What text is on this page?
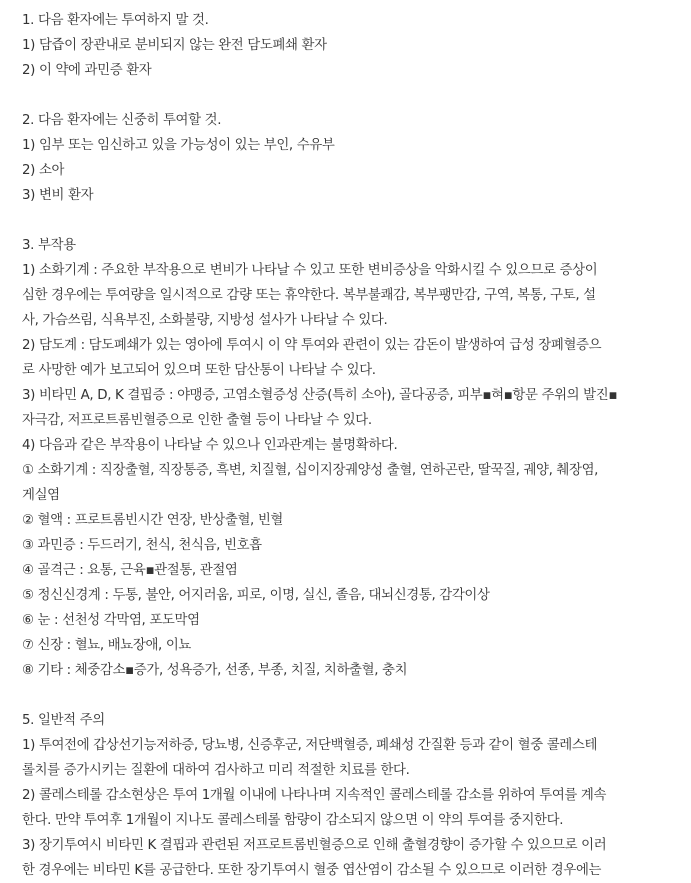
1. 다음 환자에는 투여하지 말 것.
1) 담즙이 장관내로 분비되지 않는 완전 담도폐쇄 환자
2) 이 약에 과민증 환자
2. 다음 환자에는 신중히 투여할 것.
1) 임부 또는 임신하고 있을 가능성이 있는 부인, 수유부
2) 소아
3) 변비 환자
3. 부작용
1) 소화기계 : 주요한 부작용으로 변비가 나타날 수 있고 또한 변비증상을 악화시킬 수 있으므로 증상이
심한 경우에는 투여량을 일시적으로 감량 또는 휴약한다. 복부불쾌감, 복부팽만감, 구역, 복통, 구토, 설
사, 가슴쓰림, 식욕부진, 소화불량, 지방성 설사가 나타날 수 있다.
2) 담도계 : 담도폐쇄가 있는 영아에 투여시 이 약 투여와 관련이 있는 감돈이 발생하여 급성 장폐혈증으
로 사망한 예가 보고되어 있으며 또한 담산통이 나타날 수 있다.
3) 비타민 A, D, K 결핍증 : 야맹증, 고염소혈증성 산증(특히 소아), 골다공증, 피부▪혀▪항문 주위의 발진▪
자극감, 저프로트롬빈혈증으로 인한 출혈 등이 나타날 수 있다.
4) 다음과 같은 부작용이 나타날 수 있으나 인과관계는 불명확하다.
① 소화기계 : 직장출혈, 직장통증, 흑변, 치질혈, 십이지장궤양성 출혈, 연하곤란, 딸꾹질, 궤양, 췌장염,
게실염
② 혈액 : 프로트롬빈시간 연장, 반상출혈, 빈혈
③ 과민증 : 두드러기, 천식, 천식음, 빈호흡
④ 골격근 : 요통, 근육▪관절통, 관절염
⑤ 정신신경계 : 두통, 불안, 어지러움, 피로, 이명, 실신, 졸음, 대뇌신경통, 감각이상
⑥ 눈 : 선천성 각막염, 포도막염
⑦ 신장 : 혈뇨, 배뇨장애, 이뇨
⑧ 기타 : 체중감소▪증가, 성욕증가, 선종, 부종, 치질, 치하출혈, 충치
5. 일반적 주의
1) 투여전에 갑상선기능저하증, 당뇨병, 신증후군, 저단백혈증, 폐쇄성 간질환 등과 같이 혈중 콜레스테
롤치를 증가시키는 질환에 대하여 검사하고 미리 적절한 치료를 한다.
2) 콜레스테롤 감소현상은 투여 1개월 이내에 나타나며 지속적인 콜레스테롤 감소를 위하여 투여를 계속
한다. 만약 투여후 1개월이 지나도 콜레스테롤 함량이 감소되지 않으면 이 약의 투여를 중지한다.
3) 장기투여시 비타민 K 결핍과 관련된 저프로트롬빈혈증으로 인해 출혈경향이 증가할 수 있으므로 이러
한 경우에는 비타민 K를 공급한다. 또한 장기투여시 혈중 엽산염이 감소될 수 있으므로 이러한 경우에는
